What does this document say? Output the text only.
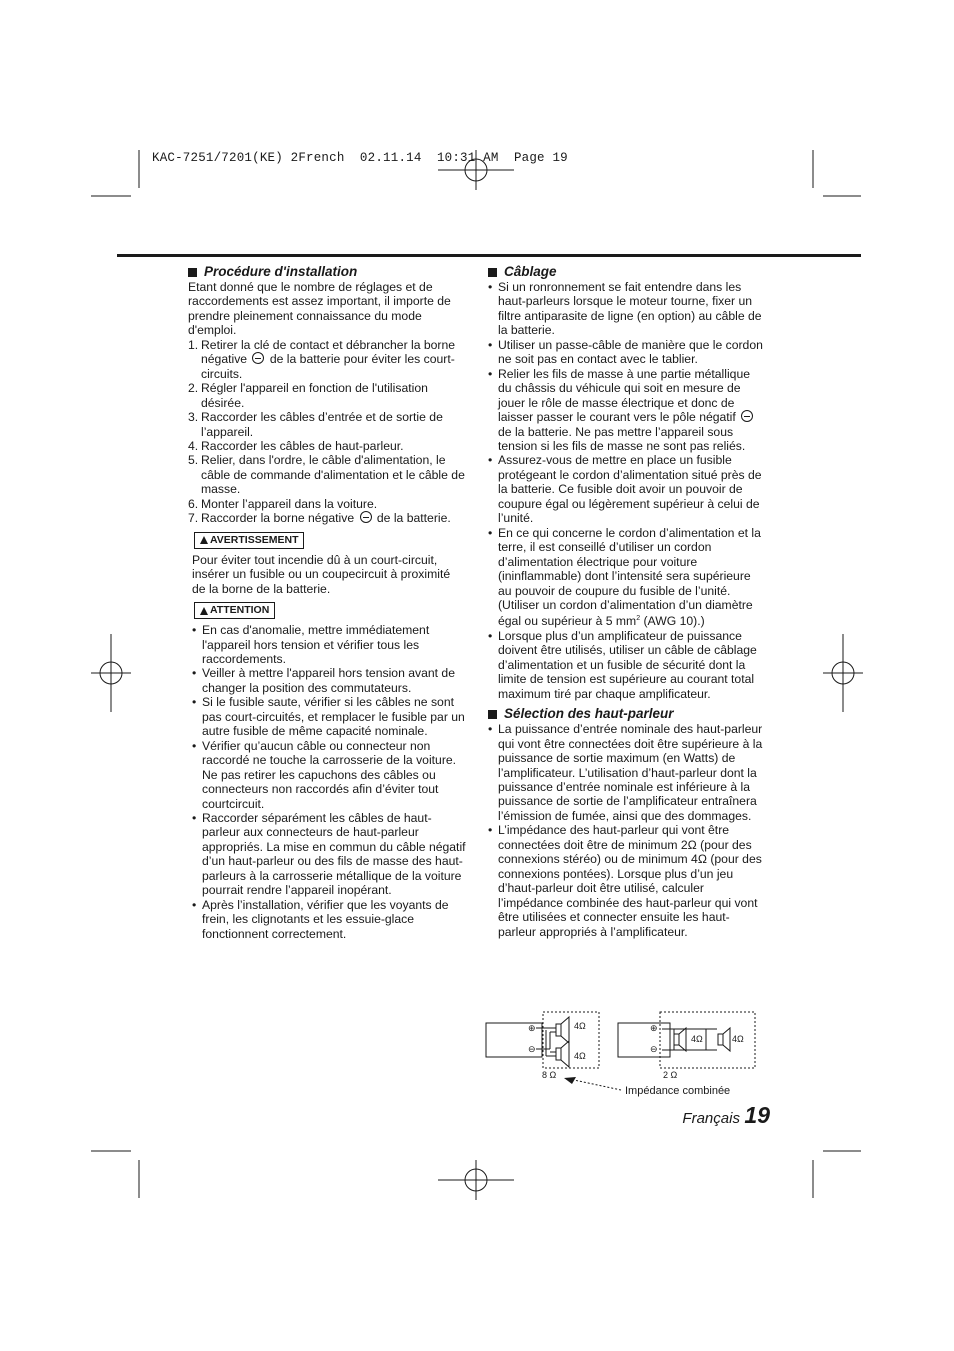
KAC-7251/7201(KE) 2French  02.11.14  10:31 AM  Page 19
Procédure d'installation

Etant donné que le nombre de réglages et de raccordements est assez important, il importe de prendre pleinement connaissance du mode d'emploi.

1. Retirer la clé de contact et débrancher la borne négative de la batterie pour éviter les court-circuits.
2. Régler l'appareil en fonction de l'utilisation désirée.
3. Raccorder les câbles d’entrée et de sortie de l’appareil.
4. Raccorder les câbles de haut-parleur.
5. Relier, dans l'ordre, le câble d'alimentation, le câble de commande d'alimentation et le câble de masse.
6. Monter l’appareil dans la voiture.
7. Raccorder la borne négative de la batterie.
AVERTISSEMENT

Pour éviter tout incendie dû à un court-circuit, insérer un fusible ou un coupecircuit à proximité de la borne de la batterie.

ATTENTION
• En cas d'anomalie, mettre immédiatement l'appareil hors tension et vérifier tous les raccordements.
• Veiller à mettre l'appareil hors tension avant de changer la position des commutateurs.
• Si le fusible saute, vérifier si les câbles ne sont pas court-circuités, et remplacer le fusible par un autre fusible de même capacité nominale.
• Vérifier qu’aucun câble ou connecteur non raccordé ne touche la carrosserie de la voiture. Ne pas retirer les capuchons des câbles ou connecteurs non raccordés afin d’éviter tout courtcircuit.
• Raccorder séparément les câbles de haut-parleur aux connecteurs de haut-parleur appropriés. La mise en commun du câble négatif d’un haut-parleur ou des fils de masse des haut-parleurs à la carrosserie métallique de la voiture pourrait rendre l’appareil inopérant.
• Après l’installation, vérifier que les voyants de frein, les clignotants et les essuie-glace fonctionnent correctement.
Câblage
• Si un ronronnement se fait entendre dans les haut-parleurs lorsque le moteur tourne, fixer un filtre antiparasite de ligne (en option) au câble de la batterie.
• Utiliser un passe-câble de manière que le cordon ne soit pas en contact avec le tablier.
• Relier les fils de masse à une partie métallique du châssis du véhicule qui soit en mesure de jouer le rôle de masse électrique et donc de laisser passer le courant vers le pôle négatif  de la batterie. Ne pas mettre l’appareil sous tension si les fils de masse ne sont pas reliés.
• Assurez-vous de mettre en place un fusible protégeant le cordon d’alimentation situé près de la batterie. Ce fusible doit avoir un pouvoir de coupure égal ou légèrement supérieur à celui de l’unité.
• En ce qui concerne le cordon d’alimentation et la terre, il est conseillé d’utiliser un cordon d’alimentation électrique pour voiture (ininflammable) dont l’intensité sera supérieure au pouvoir de coupure du fusible de l’unité. (Utiliser un cordon d’alimentation d’un diamètre égal ou supérieur à 5 $mm^2$ (AWG 10).)
• Lorsque plus d’un amplificateur de puissance doivent être utilisés, utiliser un câble de câblage d’alimentation et un fusible de sécurité dont la limite de tension est supérieure au courant total maximum tiré par chaque amplificateur.
Sélection des haut-parleur
• La puissance d’entrée nominale des haut-parleur qui vont être connectées doit être supérieure à la puissance de sortie maximum (en Watts) de l’amplificateur. L’utilisation d’haut-parleur dont la puissance d’entrée nominale est inférieure à la puissance de sortie de l’amplificateur entraînera l’émission de fumée, ainsi que des dommages.
• L’impédance des haut-parleur qui vont être connectées doit être de minimum 2Ω (pour des connexions stéréo) ou de minimum 4Ω (pour des connexions pontées). Lorsque plus d’un jeu d’haut-parleur doit être utilisé, calculer l’impédance combinée des haut-parleur qui vont être utilisées et connecter ensuite les haut-parleur appropriés à l’amplificateur.
⊕
⊖
4Ω
4Ω
8 Ω
⊕
⊖
4Ω	4Ω
2 Ω
Impédance combinée
Français 19
